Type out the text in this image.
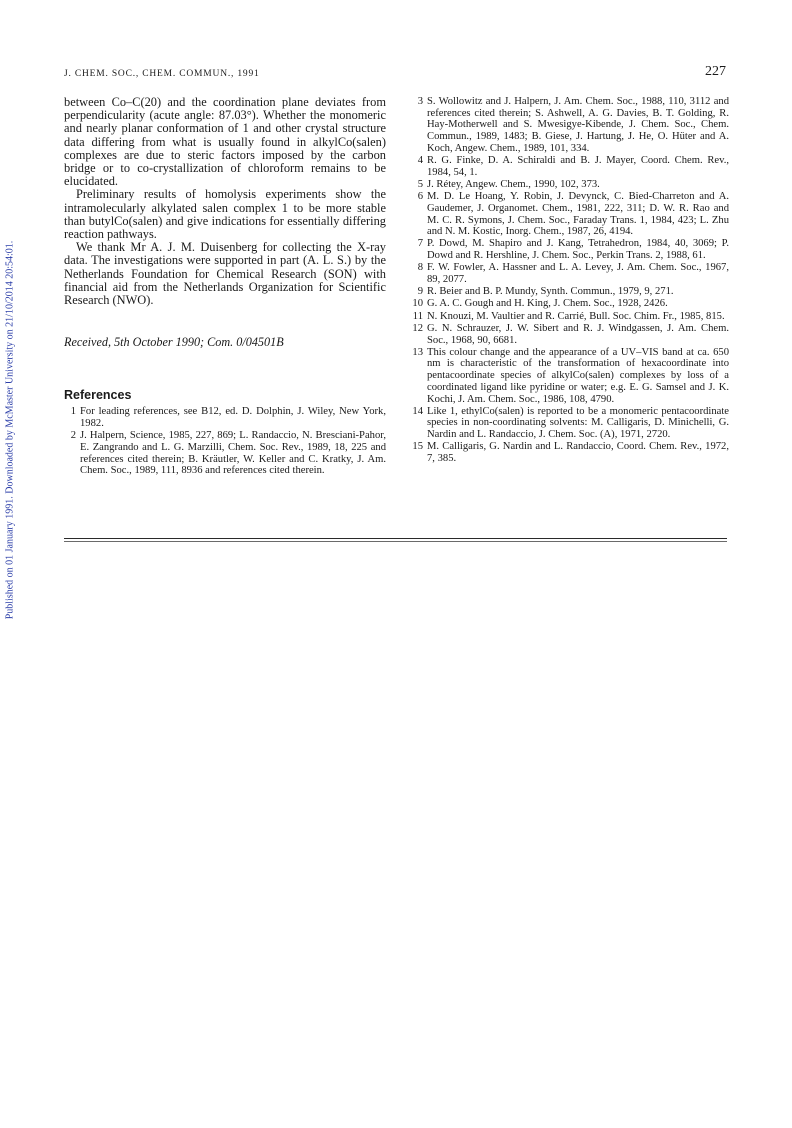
Published on 01 January 1991. Downloaded by McMaster University on 21/10/2014 20:54:01.
J. CHEM. SOC., CHEM. COMMUN., 1991	227

between Co–C(20) and the coordination plane deviates from perpendicularity (acute angle: 87.03°). Whether the monomeric and nearly planar conformation of 1 and other crystal structure data differing from what is usually found in alkylCo(salen) complexes are due to steric factors imposed by the carbon bridge or to co-crystallization of chloroform remains to be elucidated.

Preliminary results of homolysis experiments show the intramolecularly alkylated salen complex 1 to be more stable than butylCo(salen) and give indications for essentially differing reaction pathways.

We thank Mr A. J. M. Duisenberg for collecting the X-ray data. The investigations were supported in part (A. L. S.) by the Netherlands Foundation for Chemical Research (SON) with financial aid from the Netherlands Organization for Scientific Research (NWO).

Received, 5th October 1990; Com. 0/04501B
References
1 For leading references, see B12, ed. D. Dolphin, J. Wiley, New York, 1982.
2 J. Halpern, Science, 1985, 227, 869; L. Randaccio, N. Bresciani-Pahor, E. Zangrando and L. G. Marzilli, Chem. Soc. Rev., 1989, 18, 225 and references cited therein; B. Kräutler, W. Keller and C. Kratky, J. Am. Chem. Soc., 1989, 111, 8936 and references cited therein.
3 S. Wollowitz and J. Halpern, J. Am. Chem. Soc., 1988, 110, 3112 and references cited therein; S. Ashwell, A. G. Davies, B. T. Golding, R. Hay-Motherwell and S. Mwesigye-Kibende, J. Chem. Soc., Chem. Commun., 1989, 1483; B. Giese, J. Hartung, J. He, O. Hüter and A. Koch, Angew. Chem., 1989, 101, 334.
4 R. G. Finke, D. A. Schiraldi and B. J. Mayer, Coord. Chem. Rev., 1984, 54, 1.
5 J. Rétey, Angew. Chem., 1990, 102, 373.
6 M. D. Le Hoang, Y. Robin, J. Devynck, C. Bied-Charreton and A. Gaudemer, J. Organomet. Chem., 1981, 222, 311; D. W. R. Rao and M. C. R. Symons, J. Chem. Soc., Faraday Trans. 1, 1984, 423; L. Zhu and N. M. Kostic, Inorg. Chem., 1987, 26, 4194.
7 P. Dowd, M. Shapiro and J. Kang, Tetrahedron, 1984, 40, 3069; P. Dowd and R. Hershline, J. Chem. Soc., Perkin Trans. 2, 1988, 61.
8 F. W. Fowler, A. Hassner and L. A. Levey, J. Am. Chem. Soc., 1967, 89, 2077.
9 R. Beier and B. P. Mundy, Synth. Commun., 1979, 9, 271.
10 G. A. C. Gough and H. King, J. Chem. Soc., 1928, 2426.
11 N. Knouzi, M. Vaultier and R. Carrié, Bull. Soc. Chim. Fr., 1985, 815.
12 G. N. Schrauzer, J. W. Sibert and R. J. Windgassen, J. Am. Chem. Soc., 1968, 90, 6681.
13 This colour change and the appearance of a UV–VIS band at ca. 650 nm is characteristic of the transformation of hexacoordinate into pentacoordinate species of alkylCo(salen) complexes by loss of a coordinated ligand like pyridine or water; e.g. E. G. Samsel and J. K. Kochi, J. Am. Chem. Soc., 1986, 108, 4790.
14 Like 1, ethylCo(salen) is reported to be a monomeric pentacoordinate species in non-coordinating solvents: M. Calligaris, D. Minichelli, G. Nardin and L. Randaccio, J. Chem. Soc. (A), 1971, 2720.
15 M. Calligaris, G. Nardin and L. Randaccio, Coord. Chem. Rev., 1972, 7, 385.
